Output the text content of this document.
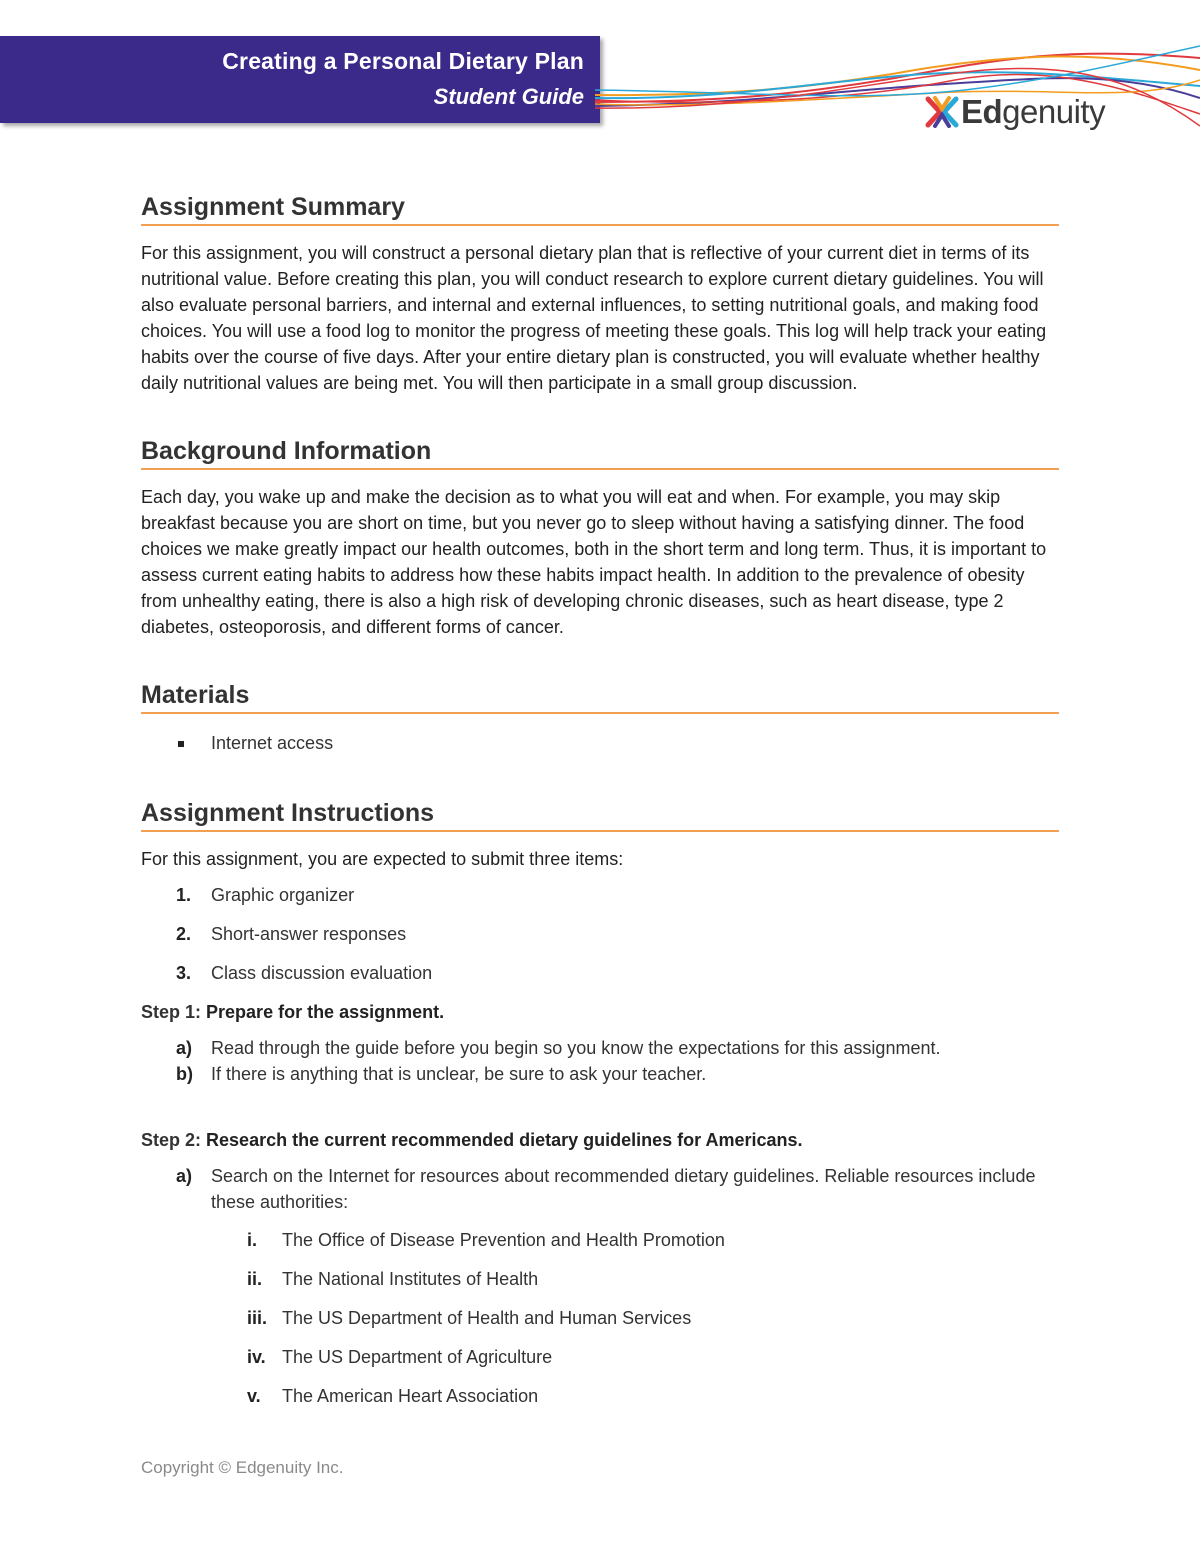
Creating a Personal Dietary Plan
Student Guide	Edgenuity
Assignment Summary

For this assignment, you will construct a personal dietary plan that is reflective of your current diet in terms of its nutritional value. Before creating this plan, you will conduct research to explore current dietary guidelines. You will also evaluate personal barriers, and internal and external influences, to setting nutritional goals, and making food choices. You will use a food log to monitor the progress of meeting these goals. This log will help track your eating habits over the course of five days. After your entire dietary plan is constructed, you will evaluate whether healthy daily nutritional values are being met. You will then participate in a small group discussion.

Background Information

Each day, you wake up and make the decision as to what you will eat and when. For example, you may skip breakfast because you are short on time, but you never go to sleep without having a satisfying dinner. The food choices we make greatly impact our health outcomes, both in the short term and long term. Thus, it is important to assess current eating habits to address how these habits impact health. In addition to the prevalence of obesity from unhealthy eating, there is also a high risk of developing chronic diseases, such as heart disease, type 2 diabetes, osteoporosis, and different forms of cancer.

Materials
Internet access
Assignment Instructions

For this assignment, you are expected to submit three items:

1. Graphic organizer
2. Short-answer responses
3. Class discussion evaluation

Step 1: Prepare for the assignment.

a) Read through the guide before you begin so you know the expectations for this assignment.
b) If there is anything that is unclear, be sure to ask your teacher.

Step 2: Research the current recommended dietary guidelines for Americans.

a) Search on the Internet for resources about recommended dietary guidelines. Reliable resources include these authorities:
i. The Office of Disease Prevention and Health Promotion
ii. The National Institutes of Health
iii. The US Department of Health and Human Services
iv. The US Department of Agriculture
v. The American Heart Association
Copyright © Edgenuity Inc.
